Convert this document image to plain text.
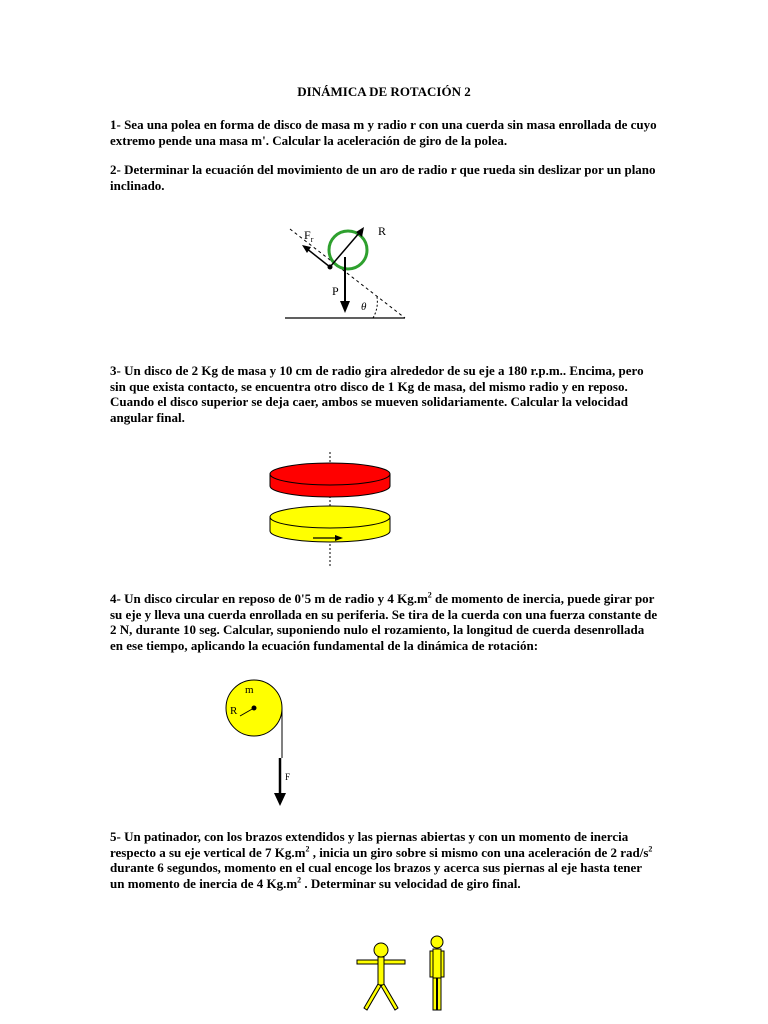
DINÁMICA DE ROTACIÓN 2
1- Sea una polea en forma de disco de masa m y radio r con una cuerda sin masa enrollada de cuyo extremo pende una masa m'. Calcular la aceleración de giro de la polea.
2- Determinar la ecuación del movimiento de un aro de radio r que rueda sin deslizar por un plano inclinado.
$F_r$
R
P
θ
3- Un disco de 2 Kg de masa y 10 cm de radio gira alrededor de su eje a 180 r.p.m.. Encima, pero sin que exista contacto, se encuentra otro disco de 1 Kg de masa, del mismo radio y en reposo. Cuando el disco superior se deja caer, ambos se mueven solidariamente. Calcular la velocidad angular final.
4- Un disco circular en reposo de 0'5 m de radio y 4 $Kg.m^2$ de momento de inercia, puede girar por su eje y lleva una cuerda enrollada en su periferia. Se tira de la cuerda con una fuerza constante de 2 N, durante 10 seg. Calcular, suponiendo nulo el rozamiento, la longitud de cuerda desenrollada en ese tiempo, aplicando la ecuación fundamental de la dinámica de rotación:
m
R
F
5- Un patinador, con los brazos extendidos y las piernas abiertas y con un momento de inercia respecto a su eje vertical de 7 $Kg.m^2$ , inicia un giro sobre si mismo con una aceleración de 2 rad/$s^2$ durante 6 segundos, momento en el cual encoge los brazos y acerca sus piernas al eje hasta tener un momento de inercia de 4 $Kg.m^2$ . Determinar su velocidad de giro final.
